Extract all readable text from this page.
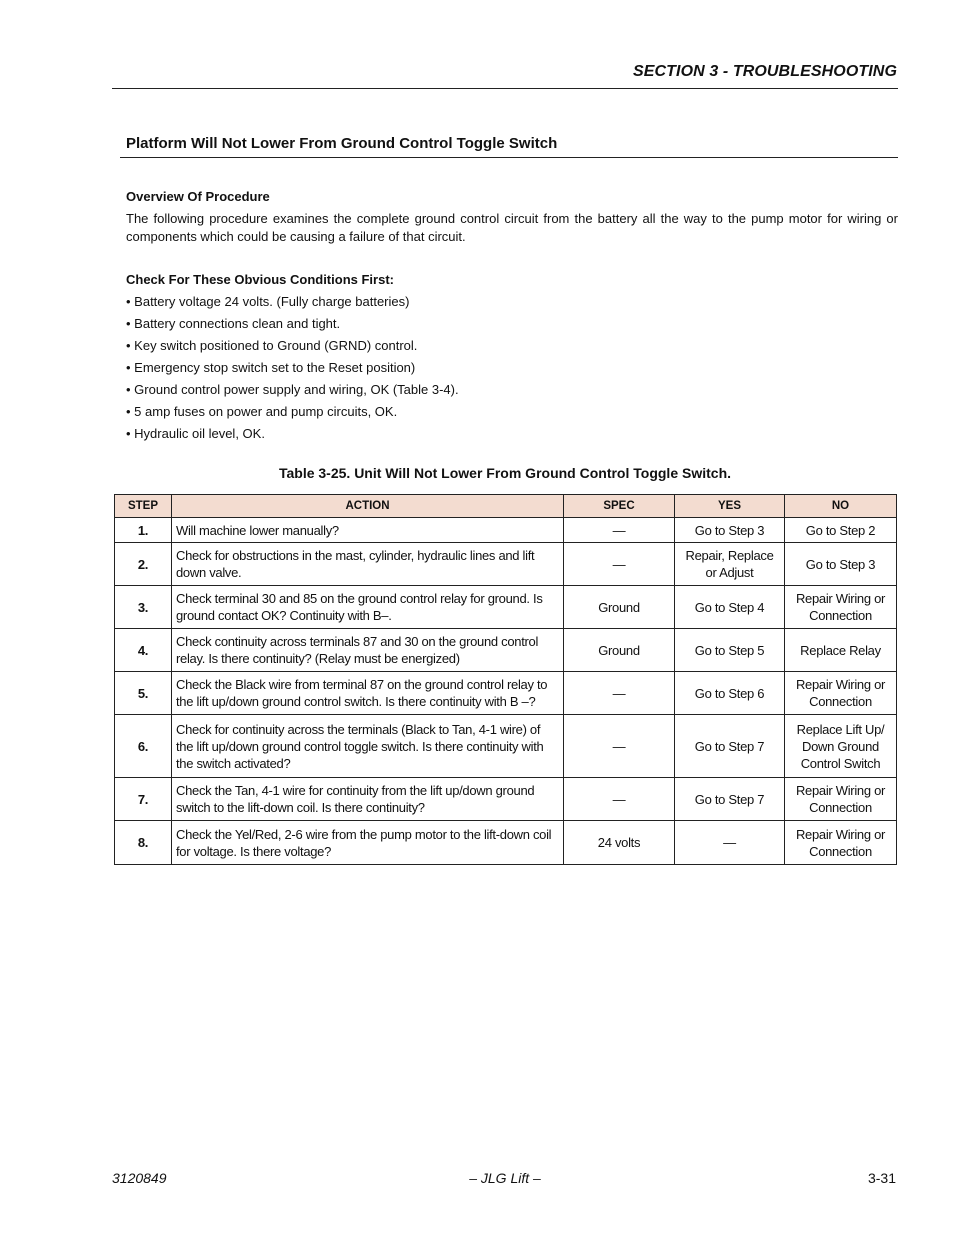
SECTION 3 - TROUBLESHOOTING
Platform Will Not Lower From Ground Control Toggle Switch
Overview Of Procedure
The following procedure examines the complete ground control circuit from the battery all the way to the pump motor for wiring or components which could be causing a failure of that circuit.
Check For These Obvious Conditions First:
• Battery voltage 24 volts. (Fully charge batteries)
• Battery connections clean and tight.
• Key switch positioned to Ground (GRND) control.
• Emergency stop switch set to the Reset position)
• Ground control power supply and wiring, OK (Table 3-4).
• 5 amp fuses on power and pump circuits, OK.
• Hydraulic oil level, OK.
Table 3-25. Unit Will Not Lower From Ground Control Toggle Switch.
STEP	ACTION	SPEC	YES	NO
1.	Will machine lower manually?	—	Go to Step 3	Go to Step 2
2.	Check for obstructions in the mast, cylinder, hydraulic lines and lift down valve.	—	Repair, Replace or Adjust	Go to Step 3
3.	Check terminal 30 and 85 on the ground control relay for ground. Is ground contact OK? Continuity with B–.	Ground	Go to Step 4	Repair Wiring or Connection
4.	Check continuity across terminals 87 and 30 on the ground control relay. Is there continuity? (Relay must be energized)	Ground	Go to Step 5	Replace Relay
5.	Check the Black wire from terminal 87 on the ground control relay to the lift up/down ground control switch. Is there continuity with B –?	—	Go to Step 6	Repair Wiring or Connection
6.	Check for continuity across the terminals (Black to Tan, 4-1 wire) of the lift up/down ground control toggle switch. Is there continuity with the switch activated?	—	Go to Step 7	Replace Lift Up/ Down Ground Control Switch
7.	Check the Tan, 4-1 wire for continuity from the lift up/down ground switch to the lift-down coil. Is there continuity?	—	Go to Step 7	Repair Wiring or Connection
8.	Check the Yel/Red, 2-6 wire from the pump motor to the lift-down coil for voltage. Is there voltage?	24 volts	—	Repair Wiring or Connection
3120849	– JLG Lift –	3-31
